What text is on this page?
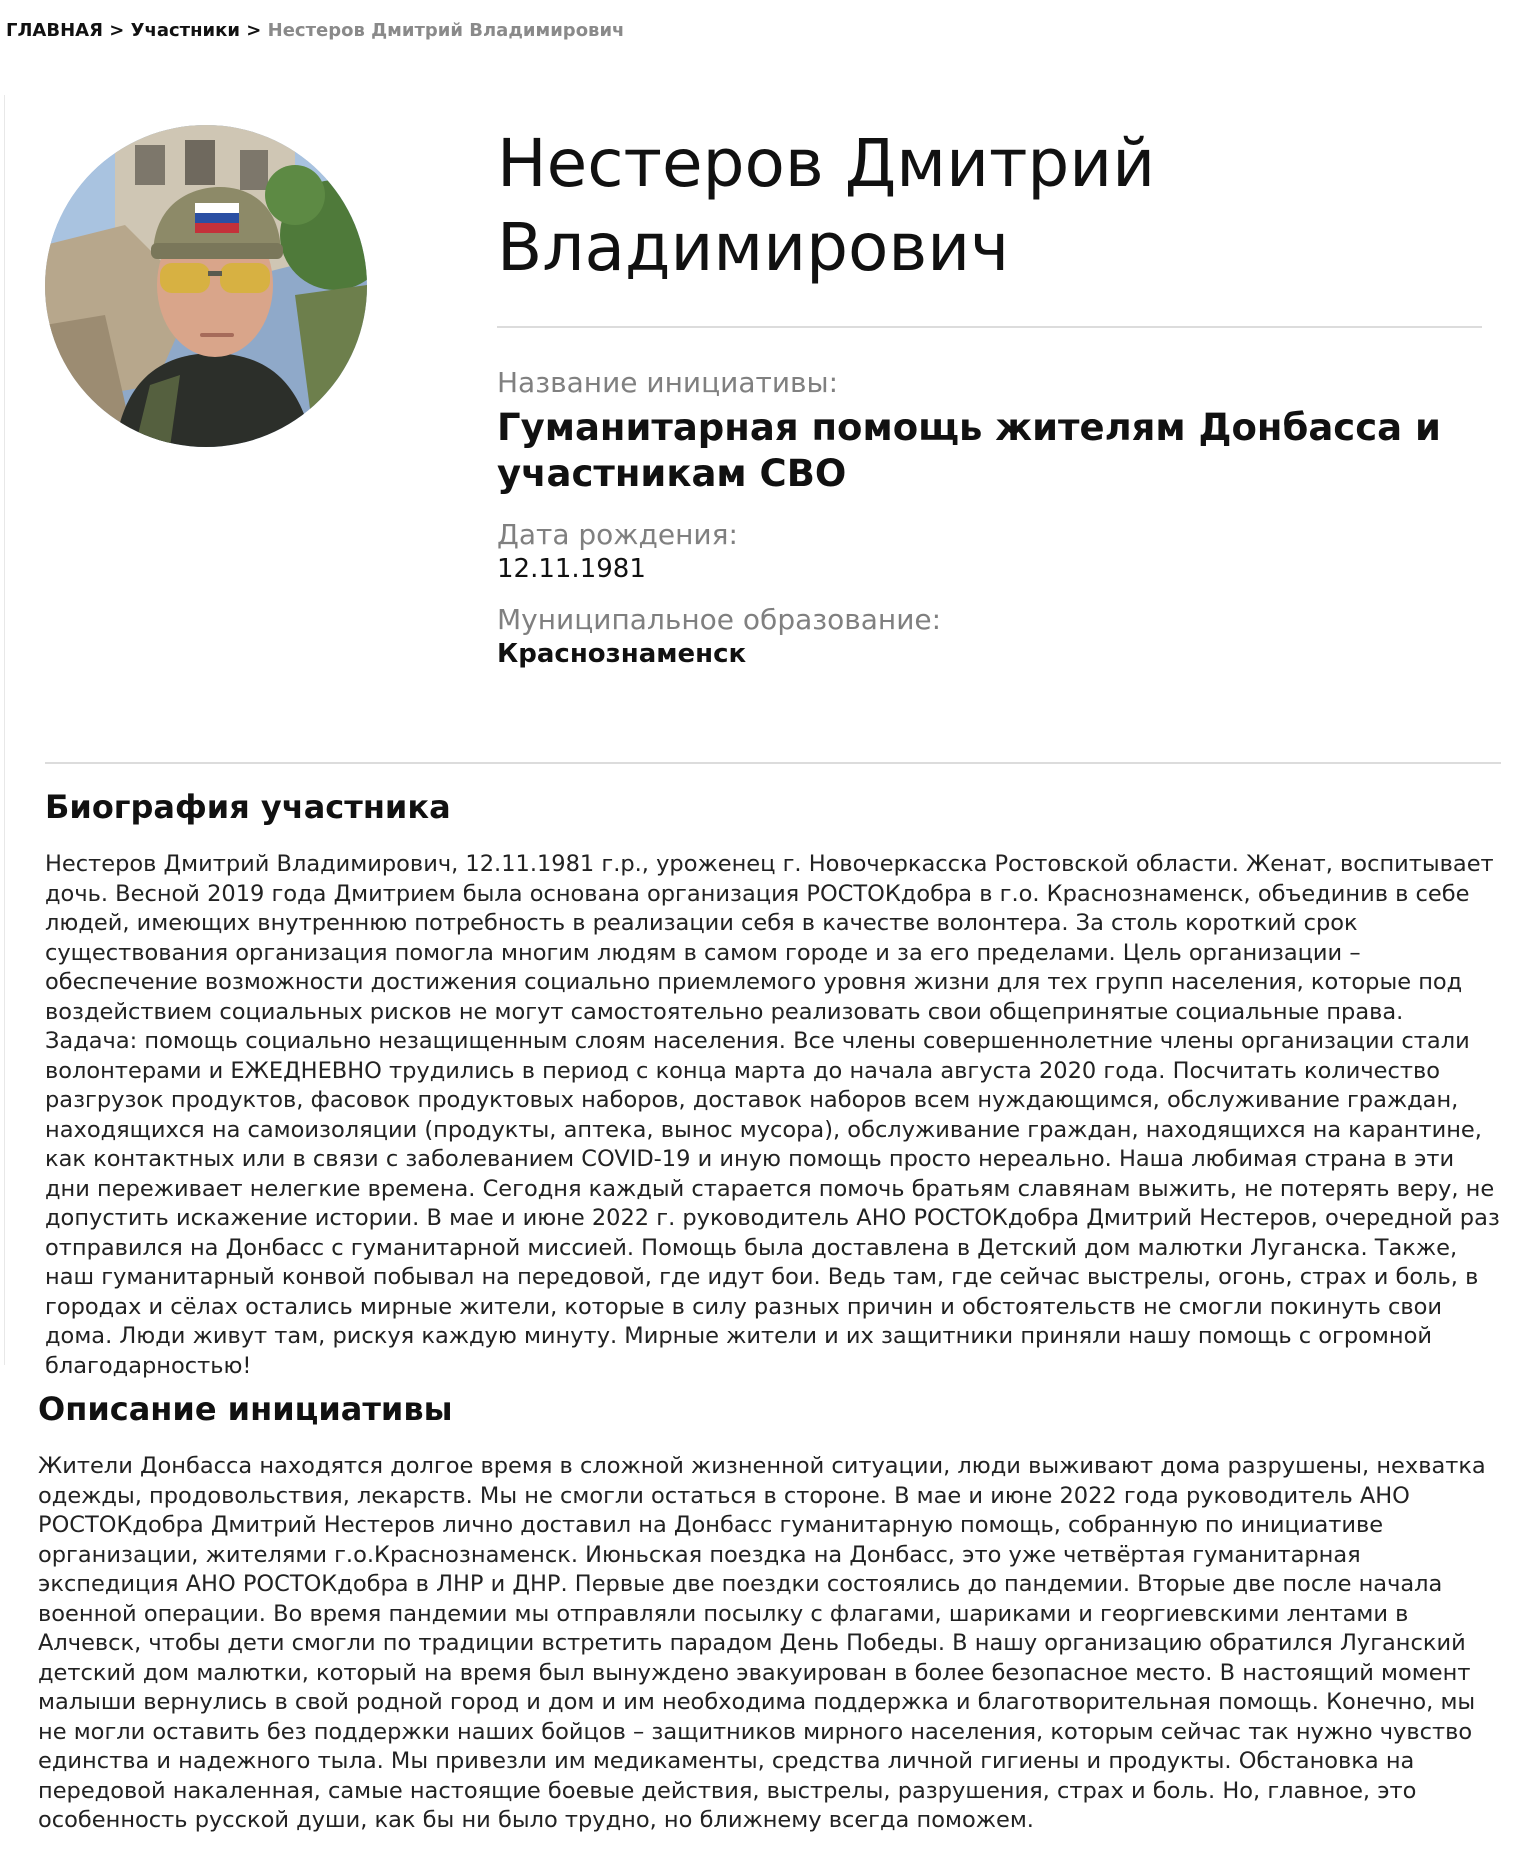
ГЛАВНАЯ > Участники > Нестеров Дмитрий Владимирович
Нестеров Дмитрий Владимирович
Название инициативы:
Гуманитарная помощь жителям Донбасса и участникам СВО
Дата рождения:
12.11.1981
Муниципальное образование:
Краснознаменск
Биография участника

Нестеров Дмитрий Владимирович, 12.11.1981 г.р., уроженец г. Новочеркасска Ростовской области. Женат, воспитывает дочь. Весной 2019 года Дмитрием была основана организация РОСТОКдобра в г.о. Краснознаменск, объединив в себе людей, имеющих внутреннюю потребность в реализации себя в качестве волонтера. За столь короткий срок существования организация помогла многим людям в самом городе и за его пределами. Цель организации – обеспечение возможности достижения социально приемлемого уровня жизни для тех групп населения, которые под воздействием социальных рисков не могут самостоятельно реализовать свои общепринятые социальные права. Задача: помощь социально незащищенным слоям населения. Все члены совершеннолетние члены организации стали волонтерами и ЕЖЕДНЕВНО трудились в период с конца марта до начала августа 2020 года. Посчитать количество разгрузок продуктов, фасовок продуктовых наборов, доставок наборов всем нуждающимся, обслуживание граждан, находящихся на самоизоляции (продукты, аптека, вынос мусора), обслуживание граждан, находящихся на карантине, как контактных или в связи с заболеванием COVID-19 и иную помощь просто нереально. Наша любимая страна в эти дни переживает нелегкие времена. Сегодня каждый старается помочь братьям славянам выжить, не потерять веру, не допустить искажение истории. В мае и июне 2022 г. руководитель АНО РОСТОКдобра Дмитрий Нестеров, очередной раз отправился на Донбасс с гуманитарной миссией. Помощь была доставлена в Детский дом малютки Луганска. Также, наш гуманитарный конвой побывал на передовой, где идут бои. Ведь там, где сейчас выстрелы, огонь, страх и боль, в городах и сёлах остались мирные жители, которые в силу разных причин и обстоятельств не смогли покинуть свои дома. Люди живут там, рискуя каждую минуту. Мирные жители и их защитники приняли нашу помощь с огромной благодарностью!

Описание инициативы

Жители Донбасса находятся долгое время в сложной жизненной ситуации, люди выживают дома разрушены, нехватка одежды, продовольствия, лекарств. Мы не смогли остаться в стороне. В мае и июне 2022 года руководитель АНО РОСТОКдобра Дмитрий Нестеров лично доставил на Донбасс гуманитарную помощь, собранную по инициативе организации, жителями г.о.Краснознаменск. Июньская поездка на Донбасс, это уже четвёртая гуманитарная экспедиция АНО РОСТОКдобра в ЛНР и ДНР. Первые две поездки состоялись до пандемии. Вторые две после начала военной операции. Во время пандемии мы отправляли посылку с флагами, шариками и георгиевскими лентами в Алчевск, чтобы дети смогли по традиции встретить парадом День Победы. В нашу организацию обратился Луганский детский дом малютки, который на время был вынуждено эвакуирован в более безопасное место. В настоящий момент малыши вернулись в свой родной город и дом и им необходима поддержка и благотворительная помощь. Конечно, мы не могли оставить без поддержки наших бойцов – защитников мирного населения, которым сейчас так нужно чувство единства и надежного тыла. Мы привезли им медикаменты, средства личной гигиены и продукты. Обстановка на передовой накаленная, самые настоящие боевые действия, выстрелы, разрушения, страх и боль. Но, главное, это особенность русской души, как бы ни было трудно, но ближнему всегда поможем.
